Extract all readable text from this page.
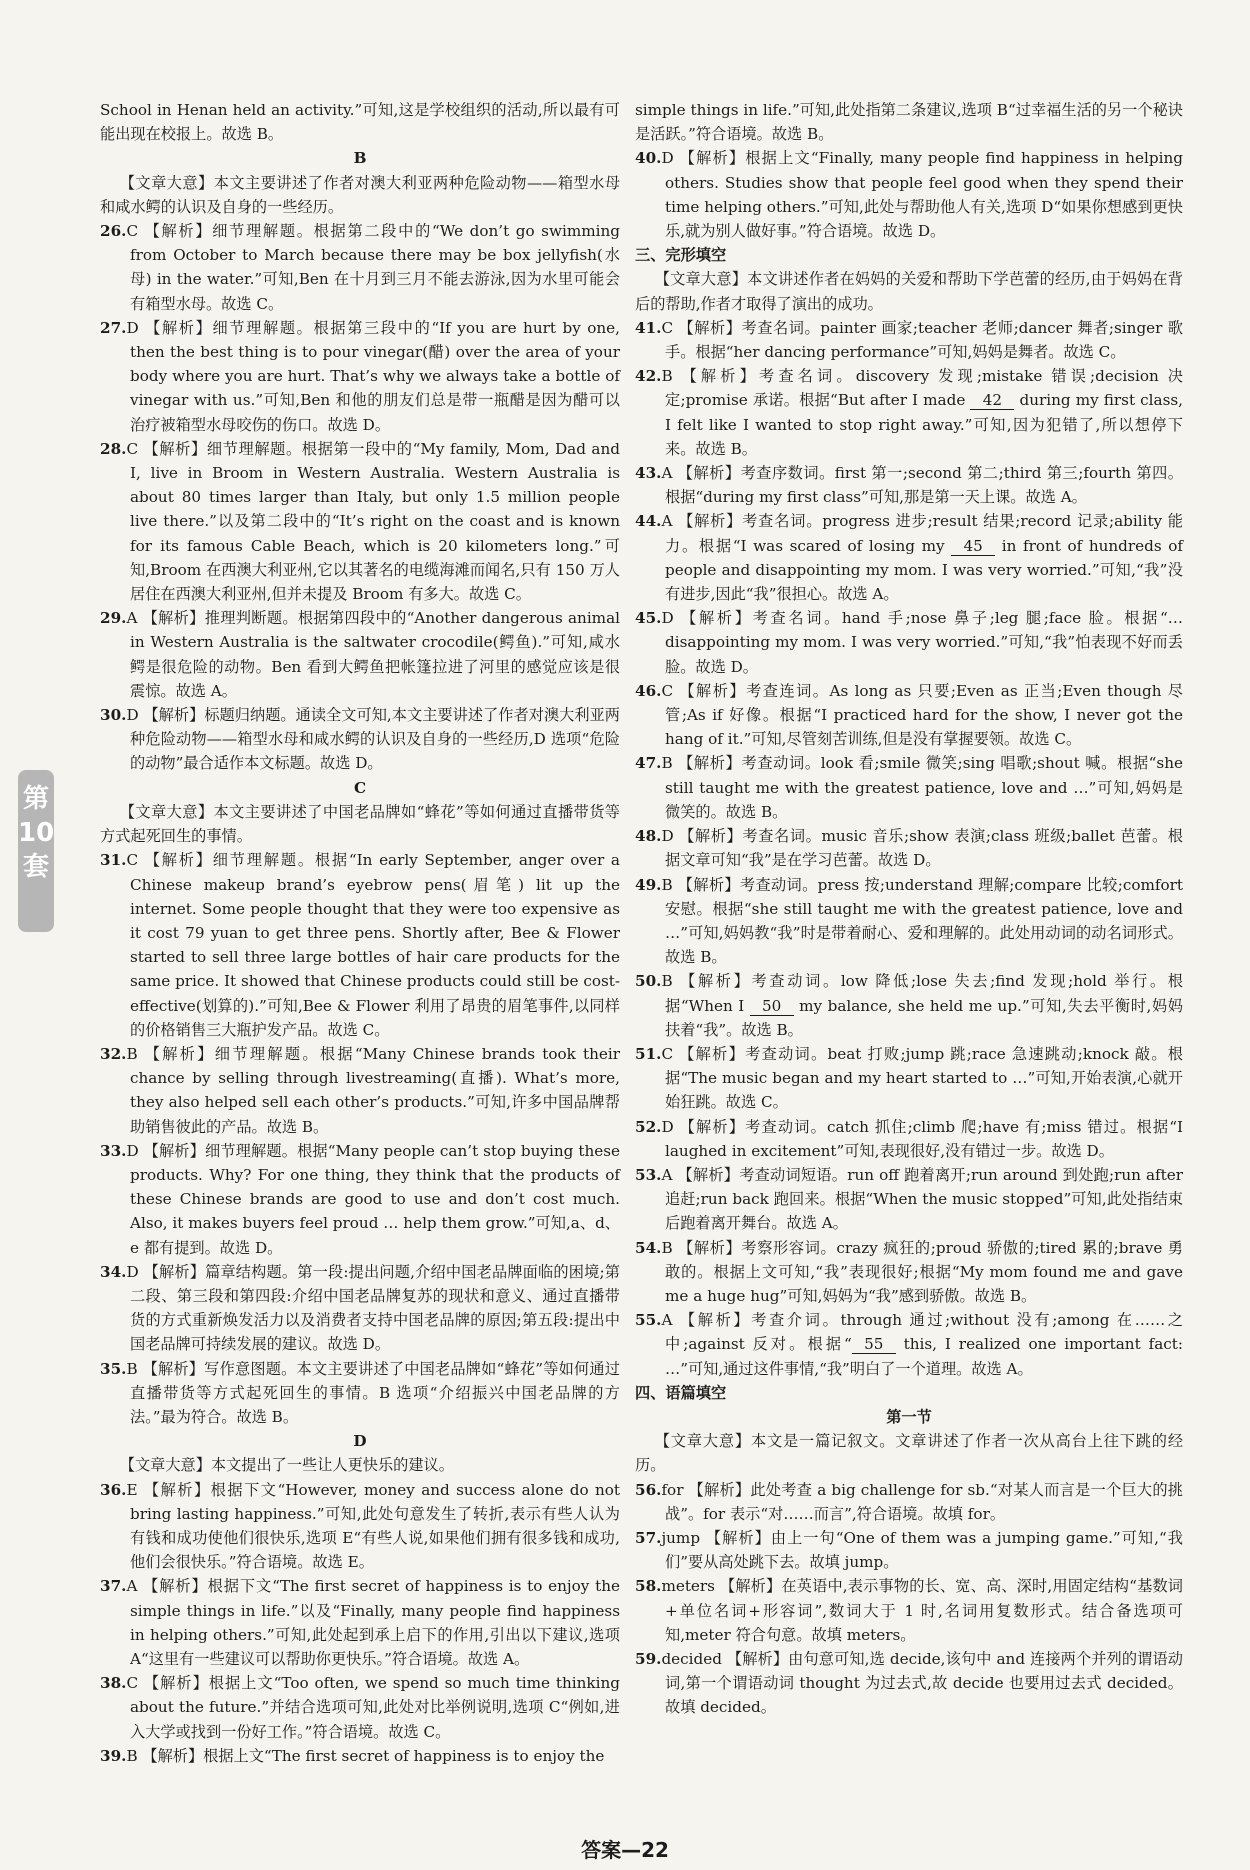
School in Henan held an activity.”可知,这是学校组织的活动,所以最有可能出现在校报上。故选 B。

B

【文章大意】本文主要讲述了作者对澳大利亚两种危险动物——箱型水母和咸水鳄的认识及自身的一些经历。

26.C 【解析】细节理解题。根据第二段中的“We don’t go swimming from October to March because there may be box jellyfish(水母) in the water.”可知,Ben 在十月到三月不能去游泳,因为水里可能会有箱型水母。故选 C。

27.D 【解析】细节理解题。根据第三段中的“If you are hurt by one, then the best thing is to pour vinegar(醋) over the area of your body where you are hurt. That’s why we always take a bottle of vinegar with us.”可知,Ben 和他的朋友们总是带一瓶醋是因为醋可以治疗被箱型水母咬伤的伤口。故选 D。

28.C 【解析】细节理解题。根据第一段中的“My family, Mom, Dad and I, live in Broom in Western Australia. Western Australia is about 80 times larger than Italy, but only 1.5 million people live there.”以及第二段中的“It’s right on the coast and is known for its famous Cable Beach, which is 20 kilometers long.”可知,Broom 在西澳大利亚州,它以其著名的电缆海滩而闻名,只有 150 万人居住在西澳大利亚州,但并未提及 Broom 有多大。故选 C。

29.A 【解析】推理判断题。根据第四段中的“Another dangerous animal in Western Australia is the saltwater crocodile(鳄鱼).”可知,咸水鳄是很危险的动物。Ben 看到大鳄鱼把帐篷拉进了河里的感觉应该是很震惊。故选 A。

30.D 【解析】标题归纳题。通读全文可知,本文主要讲述了作者对澳大利亚两种危险动物——箱型水母和咸水鳄的认识及自身的一些经历,D 选项“危险的动物”最合适作本文标题。故选 D。

C

【文章大意】本文主要讲述了中国老品牌如“蜂花”等如何通过直播带货等方式起死回生的事情。

31.C 【解析】细节理解题。根据“In early September, anger over a Chinese makeup brand’s eyebrow pens(眉笔) lit up the internet. Some people thought that they were too expensive as it cost 79 yuan to get three pens. Shortly after, Bee & Flower started to sell three large bottles of hair care products for the same price. It showed that Chinese products could still be cost-effective(划算的).”可知,Bee & Flower 利用了昂贵的眉笔事件,以同样的价格销售三大瓶护发产品。故选 C。

32.B 【解析】细节理解题。根据“Many Chinese brands took their chance by selling through livestreaming(直播). What’s more, they also helped sell each other’s products.”可知,许多中国品牌帮助销售彼此的产品。故选 B。

33.D 【解析】细节理解题。根据“Many people can’t stop buying these products. Why? For one thing, they think that the products of these Chinese brands are good to use and don’t cost much. Also, it makes buyers feel proud … help them grow.”可知,a、d、e 都有提到。故选 D。

34.D 【解析】篇章结构题。第一段:提出问题,介绍中国老品牌面临的困境;第二段、第三段和第四段:介绍中国老品牌复苏的现状和意义、通过直播带货的方式重新焕发活力以及消费者支持中国老品牌的原因;第五段:提出中国老品牌可持续发展的建议。故选 D。

35.B 【解析】写作意图题。本文主要讲述了中国老品牌如“蜂花”等如何通过直播带货等方式起死回生的事情。B 选项“介绍振兴中国老品牌的方法。”最为符合。故选 B。

D

【文章大意】本文提出了一些让人更快乐的建议。

36.E 【解析】根据下文“However, money and success alone do not bring lasting happiness.”可知,此处句意发生了转折,表示有些人认为有钱和成功使他们很快乐,选项 E“有些人说,如果他们拥有很多钱和成功,他们会很快乐。”符合语境。故选 E。

37.A 【解析】根据下文“The first secret of happiness is to enjoy the simple things in life.”以及“Finally, many people find happiness in helping others.”可知,此处起到承上启下的作用,引出以下建议,选项 A“这里有一些建议可以帮助你更快乐。”符合语境。故选 A。

38.C 【解析】根据上文“Too often, we spend so much time thinking about the future.”并结合选项可知,此处对比举例说明,选项 C“例如,进入大学或找到一份好工作。”符合语境。故选 C。

39.B 【解析】根据上文“The first secret of happiness is to enjoy the

simple things in life.”可知,此处指第二条建议,选项 B“过幸福生活的另一个秘诀是活跃。”符合语境。故选 B。

40.D 【解析】根据上文“Finally, many people find happiness in helping others. Studies show that people feel good when they spend their time helping others.”可知,此处与帮助他人有关,选项 D“如果你想感到更快乐,就为别人做好事。”符合语境。故选 D。

三、完形填空

【文章大意】本文讲述作者在妈妈的关爱和帮助下学芭蕾的经历,由于妈妈在背后的帮助,作者才取得了演出的成功。

41.C 【解析】考查名词。painter 画家;teacher 老师;dancer 舞者;singer 歌手。根据“her dancing performance”可知,妈妈是舞者。故选 C。

42.B 【解析】考查名词。discovery 发现;mistake 错误;decision 决定;promise 承诺。根据“But after I made 42 during my first class, I felt like I wanted to stop right away.”可知,因为犯错了,所以想停下来。故选 B。

43.A 【解析】考查序数词。first 第一;second 第二;third 第三;fourth 第四。根据“during my first class”可知,那是第一天上课。故选 A。

44.A 【解析】考查名词。progress 进步;result 结果;record 记录;ability 能力。根据“I was scared of losing my 45 in front of hundreds of people and disappointing my mom. I was very worried.”可知,“我”没有进步,因此“我”很担心。故选 A。

45.D 【解析】考查名词。hand 手;nose 鼻子;leg 腿;face 脸。根据“… disappointing my mom. I was very worried.”可知,“我”怕表现不好而丢脸。故选 D。

46.C 【解析】考查连词。As long as 只要;Even as 正当;Even though 尽管;As if 好像。根据“I practiced hard for the show, I never got the hang of it.”可知,尽管刻苦训练,但是没有掌握要领。故选 C。

47.B 【解析】考查动词。look 看;smile 微笑;sing 唱歌;shout 喊。根据“she still taught me with the greatest patience, love and …”可知,妈妈是微笑的。故选 B。

48.D 【解析】考查名词。music 音乐;show 表演;class 班级;ballet 芭蕾。根据文章可知“我”是在学习芭蕾。故选 D。

49.B 【解析】考查动词。press 按;understand 理解;compare 比较;comfort 安慰。根据“she still taught me with the greatest patience, love and …”可知,妈妈教“我”时是带着耐心、爱和理解的。此处用动词的动名词形式。故选 B。

50.B 【解析】考查动词。low 降低;lose 失去;find 发现;hold 举行。根据“When I 50 my balance, she held me up.”可知,失去平衡时,妈妈扶着“我”。故选 B。

51.C 【解析】考查动词。beat 打败;jump 跳;race 急速跳动;knock 敲。根据“The music began and my heart started to …”可知,开始表演,心就开始狂跳。故选 C。

52.D 【解析】考查动词。catch 抓住;climb 爬;have 有;miss 错过。根据“I laughed in excitement”可知,表现很好,没有错过一步。故选 D。

53.A 【解析】考查动词短语。run off 跑着离开;run around 到处跑;run after 追赶;run back 跑回来。根据“When the music stopped”可知,此处指结束后跑着离开舞台。故选 A。

54.B 【解析】考察形容词。crazy 疯狂的;proud 骄傲的;tired 累的;brave 勇敢的。根据上文可知,“我”表现很好;根据“My mom found me and gave me a huge hug”可知,妈妈为“我”感到骄傲。故选 B。

55.A 【解析】考查介词。through 通过;without 没有;among 在……之中;against 反对。根据“ 55 this, I realized one important fact: …”可知,通过这件事情,“我”明白了一个道理。故选 A。

四、语篇填空

第一节

【文章大意】本文是一篇记叙文。文章讲述了作者一次从高台上往下跳的经历。

56.for 【解析】此处考查 a big challenge for sb.“对某人而言是一个巨大的挑战”。for 表示“对……而言”,符合语境。故填 for。

57.jump 【解析】由上一句“One of them was a jumping game.”可知,“我们”要从高处跳下去。故填 jump。

58.meters 【解析】在英语中,表示事物的长、宽、高、深时,用固定结构“基数词+单位名词+形容词”,数词大于 1 时,名词用复数形式。结合备选项可知,meter 符合句意。故填 meters。

59.decided 【解析】由句意可知,选 decide,该句中 and 连接两个并列的谓语动词,第一个谓语动词 thought 为过去式,故 decide 也要用过去式 decided。故填 decided。

第
10
套
答案—22
